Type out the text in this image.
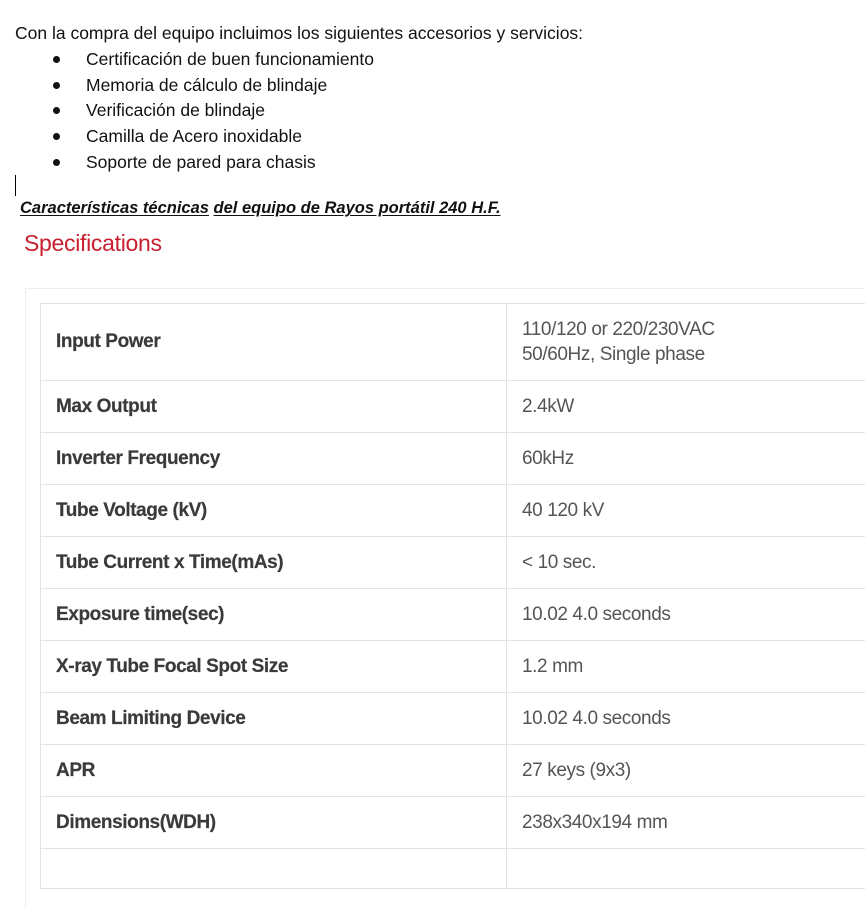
Con la compra del equipo incluimos los siguientes accesorios y servicios:

Certificación de buen funcionamiento
Memoria de cálculo de blindaje
Verificación de blindaje
Camilla de Acero inoxidable
Soporte de pared para chasis

Características técnicas del equipo de Rayos portátil 240 H.F.

Specifications
Input Power	110/120 or 220/230VAC
50/60Hz, Single phase
Max Output	2.4kW
Inverter Frequency	60kHz
Tube Voltage (kV)	40 120 kV
Tube Current x Time(mAs)	< 10 sec.
Exposure time(sec)	10.02 4.0 seconds
X-ray Tube Focal Spot Size	1.2 mm
Beam Limiting Device	10.02 4.0 seconds
APR	27 keys (9x3)
Dimensions(WDH)	238x340x194 mm
